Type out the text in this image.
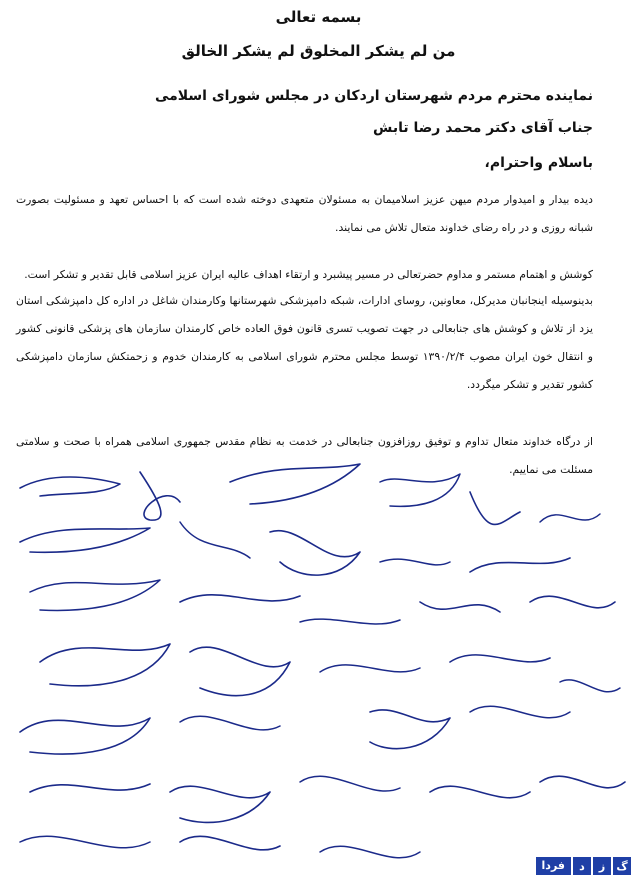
بسمه تعالی
من لم یشکر المخلوق لم یشکر الخالق
نماینده محترم مردم شهرستان اردکان در مجلس شورای اسلامی
جناب آقای دکتر محمد رضا تابش
باسلام واحترام،
دیده بیدار و امیدوار مردم میهن عزیز اسلامیمان به مسئولان متعهدی دوخته شده است که با احساس تعهد و مسئولیت بصورت شبانه روزی و در راه رضای خداوند متعال تلاش می نمایند.
کوشش و اهتمام مستمر و مداوم حضرتعالی در مسیر پیشبرد و ارتقاء اهداف عالیه ایران عزیز اسلامی قابل تقدیر و تشکر است.
بدینوسیله اینجانبان مدیرکل، معاونین، روسای ادارات، شبکه دامپزشکی شهرستانها وکارمندان شاغل در اداره کل دامپزشکی استان یزد از تلاش و کوشش های جنابعالی در جهت تصویب تسری قانون فوق العاده خاص کارمندان سازمان های پزشکی قانونی کشور و انتقال خون ایران مصوب ۱۳۹۰/۲/۴ توسط مجلس محترم شورای اسلامی به کارمندان خدوم و زحمتکش سازمان دامپزشکی کشور تقدیر و تشکر میگردد.
از درگاه خداوند متعال تداوم و توفیق روزافزون جنابعالی در خدمت به نظام مقدس جمهوری اسلامی همراه با صحت و سلامتی مسئلت می نماییم.
گ
ز
د
فردا
